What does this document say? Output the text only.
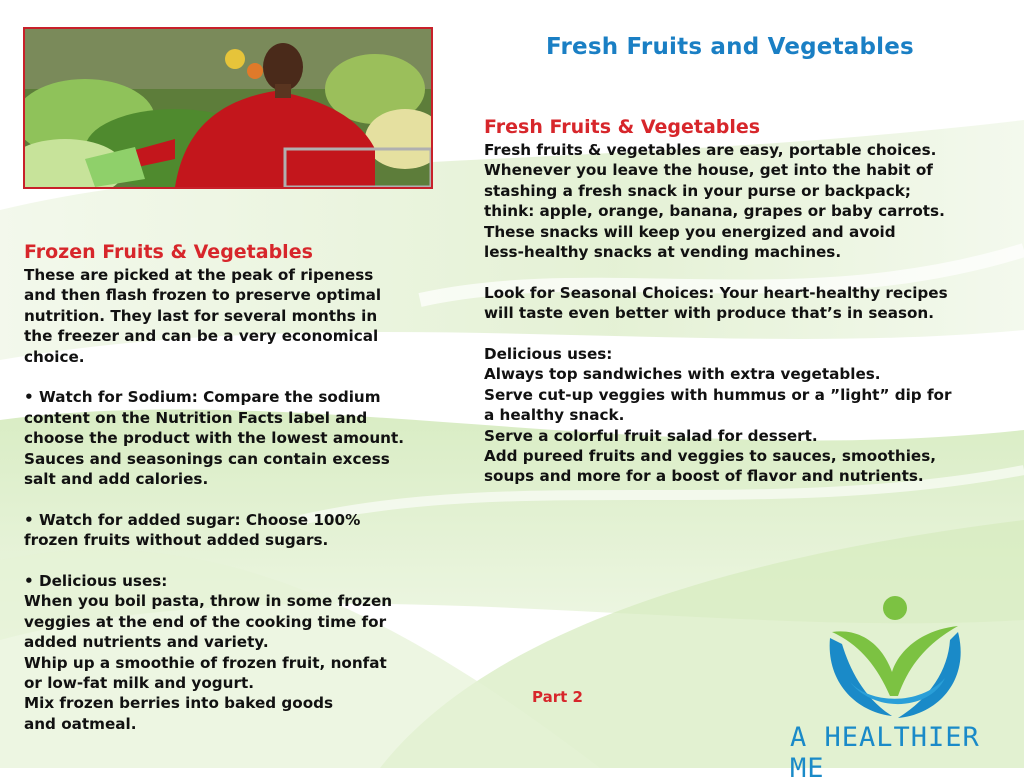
Fresh Fruits and Vegetables
Frozen Fruits & Vegetables

These are picked at the peak of ripeness

and then flash frozen to preserve optimal

nutrition. They last for several months in

the freezer and can be a very economical

choice.

• Watch for Sodium: Compare the sodium

content on the Nutrition Facts label and

choose the product with the lowest amount.

Sauces and seasonings can contain excess

salt and add calories.

• Watch for added sugar: Choose 100%

frozen fruits without added sugars.

• Delicious uses:

When you boil pasta, throw in some frozen

veggies at the end of the cooking time for

added nutrients and variety.

Whip up a smoothie of frozen fruit, nonfat

or low-fat milk and yogurt.

Mix frozen berries into baked goods

and oatmeal.

Fresh Fruits & Vegetables

Fresh fruits & vegetables are easy, portable choices.

Whenever you leave the house, get into the habit of

stashing a fresh snack in your purse or backpack;

think: apple, orange, banana, grapes or baby carrots.

These snacks will keep you energized and avoid

less-healthy snacks at vending machines.

Look for Seasonal Choices: Your heart-healthy recipes

will taste even better with produce that’s in season.

Delicious uses:

Always top sandwiches with extra vegetables.

Serve cut-up veggies with hummus or a ”light” dip for

a healthy snack.

Serve a colorful fruit salad for dessert.

Add pureed fruits and veggies to sauces, smoothies,

soups and more for a boost of flavor and nutrients.

Part 2
A HEALTHIER ME
